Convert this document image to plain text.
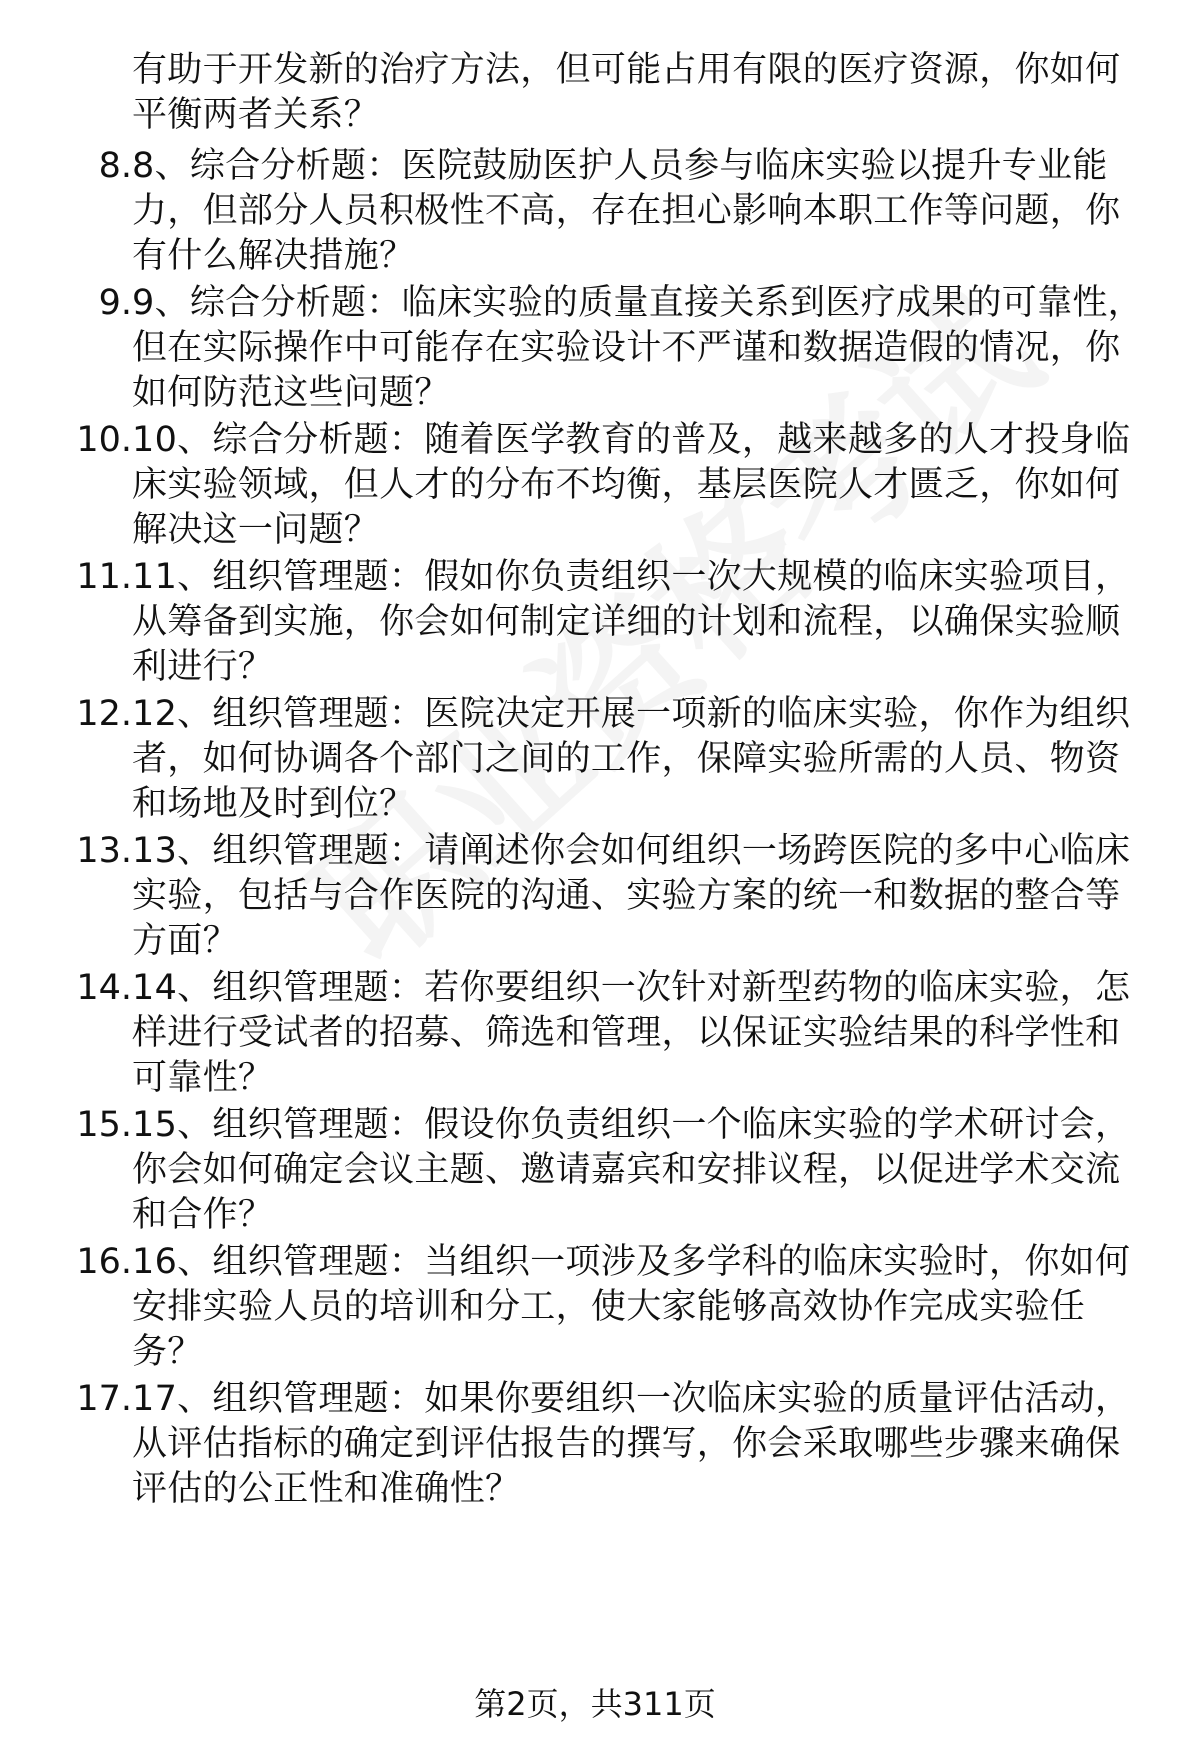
有助于开发新的治疗方法，但可能占用有限的医疗资源，你如何平衡两者关系？
8. 8、综合分析题：医院鼓励医护人员参与临床实验以提升专业能力，但部分人员积极性不高，存在担心影响本职工作等问题，你有什么解决措施？
9. 9、综合分析题：临床实验的质量直接关系到医疗成果的可靠性，但在实际操作中可能存在实验设计不严谨和数据造假的情况，你如何防范这些问题？
10. 10、综合分析题：随着医学教育的普及，越来越多的人才投身临床实验领域，但人才的分布不均衡，基层医院人才匮乏，你如何解决这一问题？
11. 11、组织管理题：假如你负责组织一次大规模的临床实验项目，从筹备到实施，你会如何制定详细的计划和流程，以确保实验顺利进行？
12. 12、组织管理题：医院决定开展一项新的临床实验，你作为组织者，如何协调各个部门之间的工作，保障实验所需的人员、物资和场地及时到位？
13. 13、组织管理题：请阐述你会如何组织一场跨医院的多中心临床实验，包括与合作医院的沟通、实验方案的统一和数据的整合等方面？
14. 14、组织管理题：若你要组织一次针对新型药物的临床实验，怎样进行受试者的招募、筛选和管理，以保证实验结果的科学性和可靠性？
15. 15、组织管理题：假设你负责组织一个临床实验的学术研讨会，你会如何确定会议主题、邀请嘉宾和安排议程，以促进学术交流和合作？
16. 16、组织管理题：当组织一项涉及多学科的临床实验时，你如何安排实验人员的培训和分工，使大家能够高效协作完成实验任务？
17. 17、组织管理题：如果你要组织一次临床实验的质量评估活动，从评估指标的确定到评估报告的撰写，你会采取哪些步骤来确保评估的公正性和准确性？
第2页，共311页
